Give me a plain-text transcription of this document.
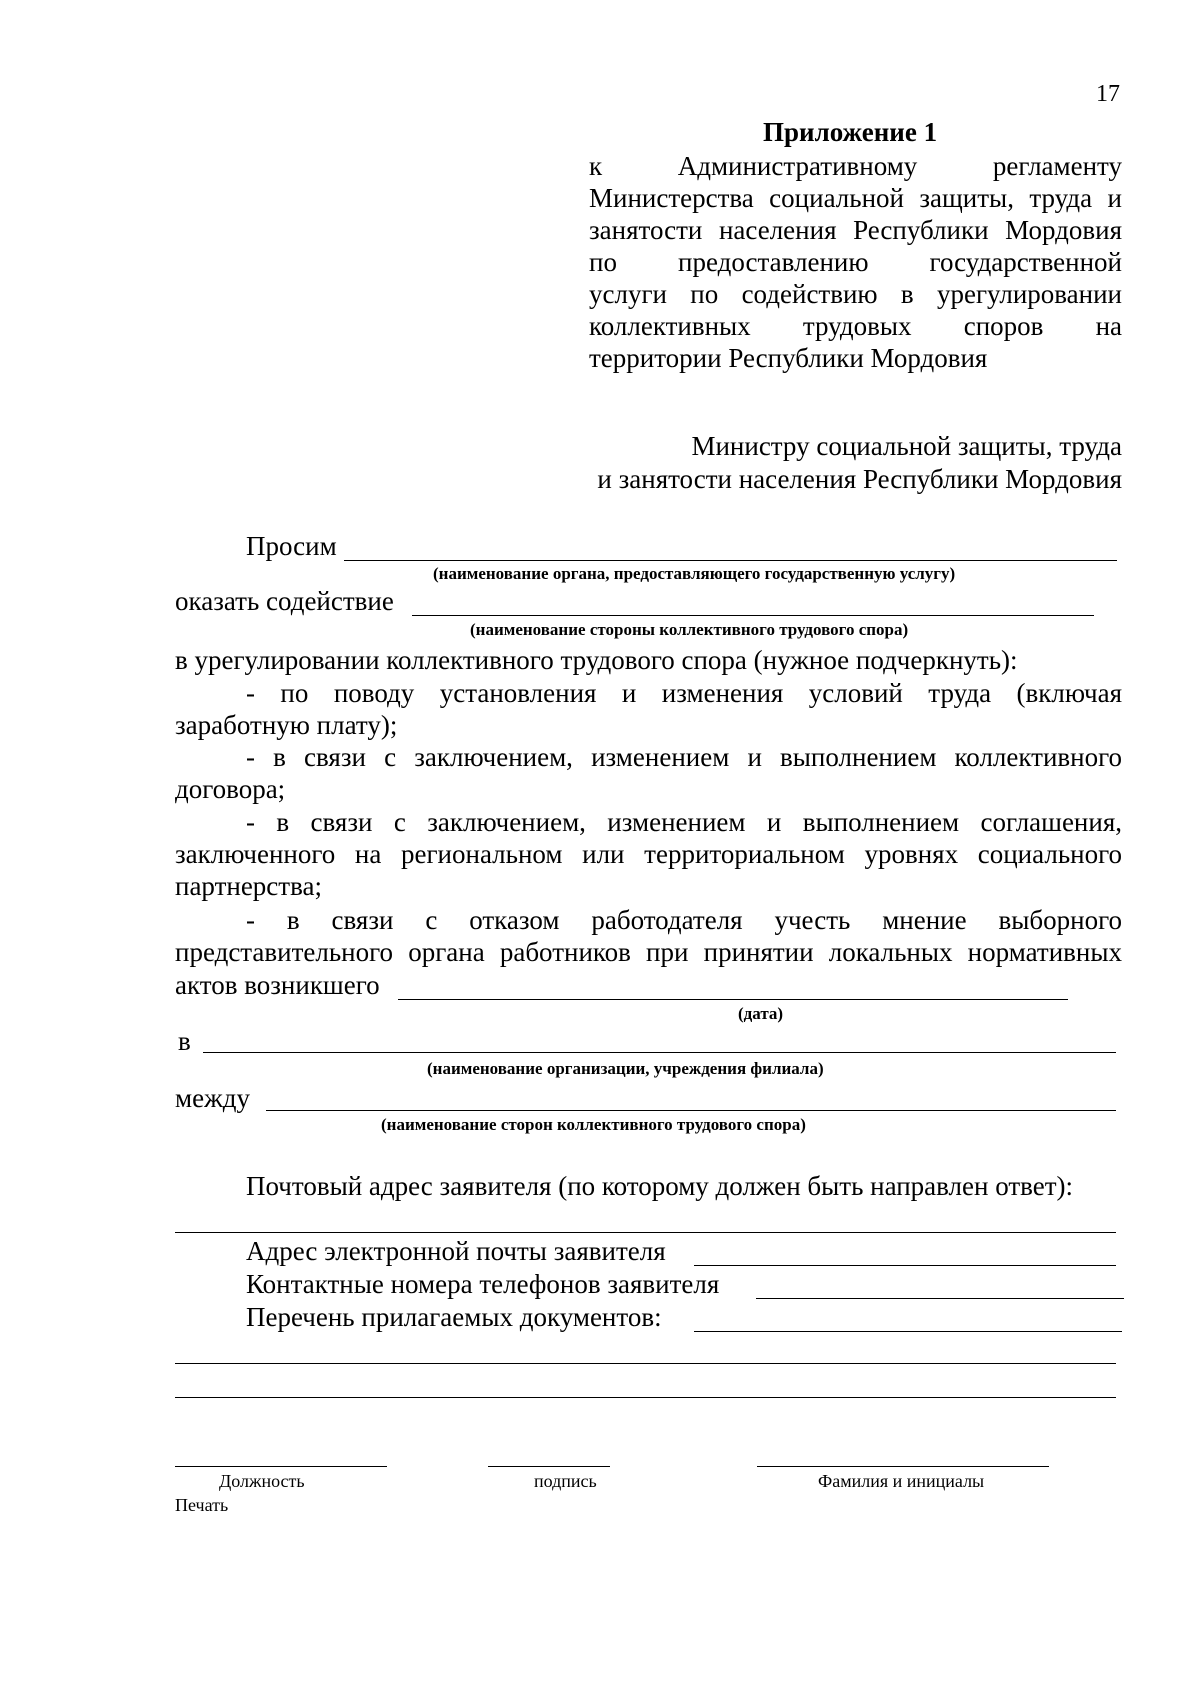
17
Приложение 1
к Административному регламенту
Министерства социальной защиты, труда и
занятости населения Республики Мордовия
по предоставлению государственной
услуги по содействию в урегулировании
коллективных трудовых споров на
территории Республики Мордовия
Министру социальной защиты, труда
и занятости населения Республики Мордовия
Просим
(наименование органа, предоставляющего государственную услугу)
оказать содействие
(наименование стороны коллективного трудового спора)
в урегулировании коллективного трудового спора (нужное подчеркнуть):
- по поводу установления и изменения условий труда (включая
заработную плату);
- в связи с заключением, изменением и выполнением коллективного
договора;
- в связи с заключением, изменением и выполнением соглашения,
заключенного на региональном или территориальном уровнях социального
партнерства;
- в связи с отказом работодателя учесть мнение выборного
представительного органа работников при принятии локальных нормативных
актов возникшего
(дата)
в
(наименование организации, учреждения филиала)
между
(наименование сторон коллективного трудового спора)
Почтовый адрес заявителя (по которому должен быть направлен ответ):
Адрес электронной почты заявителя
Контактные номера телефонов заявителя
Перечень прилагаемых документов:
Должность	подпись	Фамилия и инициалы
Печать
